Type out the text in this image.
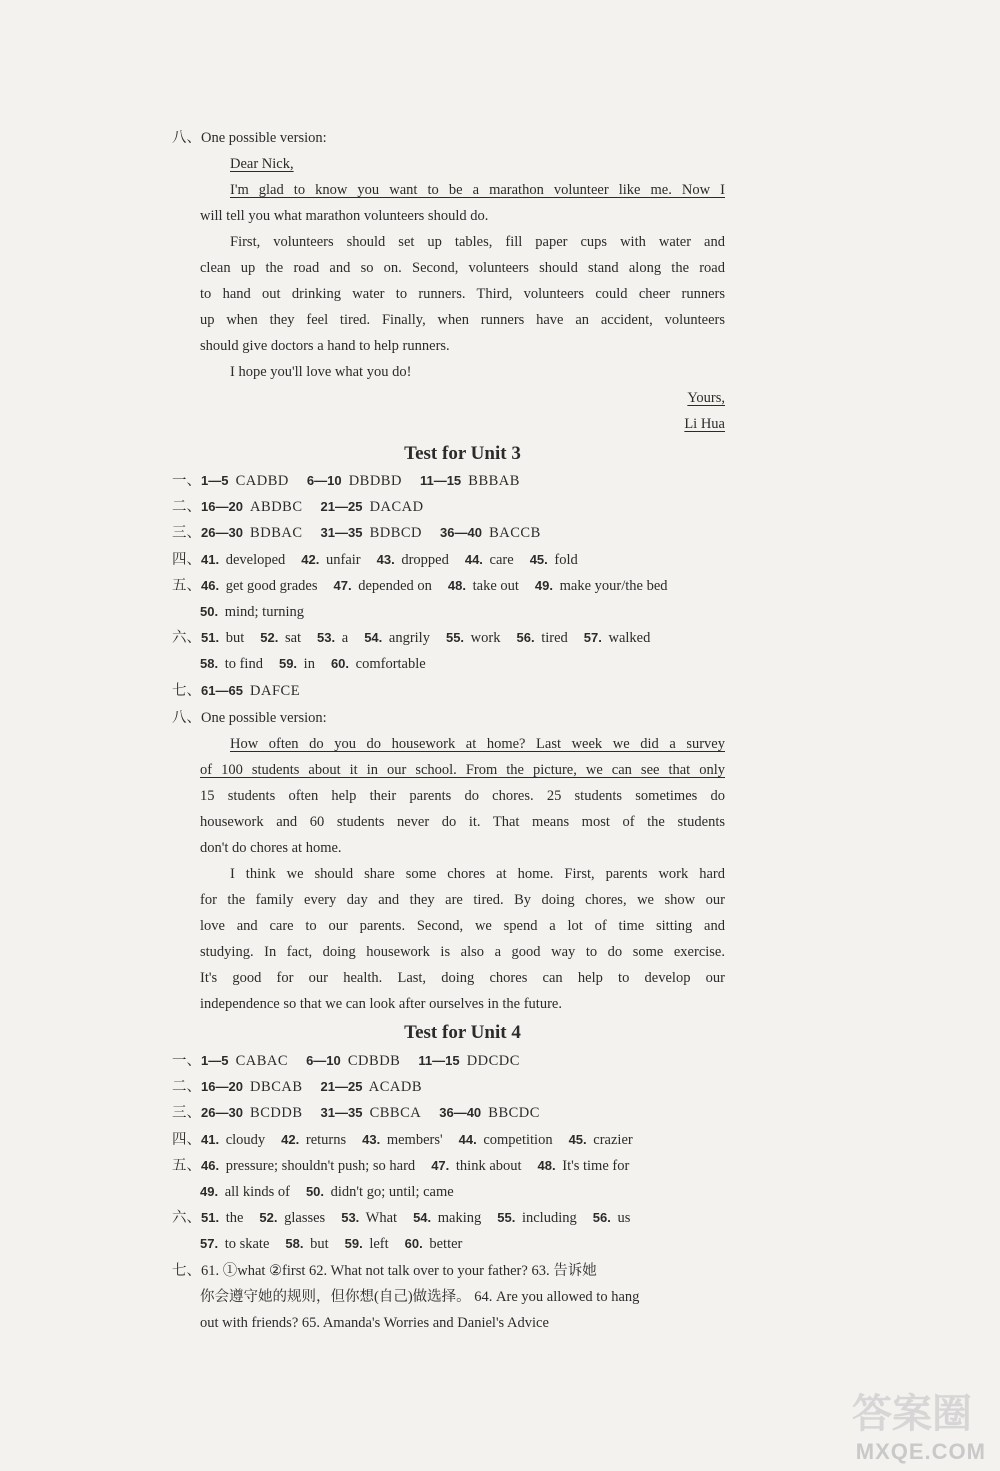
八、One possible version:
Dear Nick,
I'm glad to know you want to be a marathon volunteer like me. Now I
will tell you what marathon volunteers should do.
First, volunteers should set up tables, fill paper cups with water and
clean up the road and so on. Second, volunteers should stand along the road
to hand out drinking water to runners. Third, volunteers could cheer runners
up when they feel tired. Finally, when runners have an accident, volunteers
should give doctors a hand to help runners.
I hope you'll love what you do!
Yours,
Li Hua
Test for Unit 3
一、1—5 CADBD 6—10 DBDBD 11—15 BBBAB
二、16—20 ABDBC 21—25 DACAD
三、26—30 BDBAC 31—35 BDBCD 36—40 BACCB
四、41. developed 42. unfair 43. dropped 44. care 45. fold
五、46. get good grades 47. depended on 48. take out 49. make your/the bed
50. mind; turning
六、51. but 52. sat 53. a 54. angrily 55. work 56. tired 57. walked
58. to find 59. in 60. comfortable
七、61—65 DAFCE
八、One possible version:
How often do you do housework at home? Last week we did a survey
of 100 students about it in our school. From the picture, we can see that only
15 students often help their parents do chores. 25 students sometimes do
housework and 60 students never do it. That means most of the students
don't do chores at home.
I think we should share some chores at home. First, parents work hard
for the family every day and they are tired. By doing chores, we show our
love and care to our parents. Second, we spend a lot of time sitting and
studying. In fact, doing housework is also a good way to do some exercise.
It's good for our health. Last, doing chores can help to develop our
independence so that we can look after ourselves in the future.
Test for Unit 4
一、1—5 CABAC 6—10 CDBDB 11—15 DDCDC
二、16—20 DBCAB 21—25 ACADB
三、26—30 BCDDB 31—35 CBBCA 36—40 BBCDC
四、41. cloudy 42. returns 43. members' 44. competition 45. crazier
五、46. pressure; shouldn't push; so hard 47. think about 48. It's time for
49. all kinds of 50. didn't go; until; came
六、51. the 52. glasses 53. What 54. making 55. including 56. us
57. to skate 58. but 59. left 60. better
七、61. ①what ②first 62. What not talk over to your father? 63. 告诉她
你会遵守她的规则，但你想(自己)做选择。 64. Are you allowed to hang
out with friends? 65. Amanda's Worries and Daniel's Advice
答案圈
MXQE.COM
